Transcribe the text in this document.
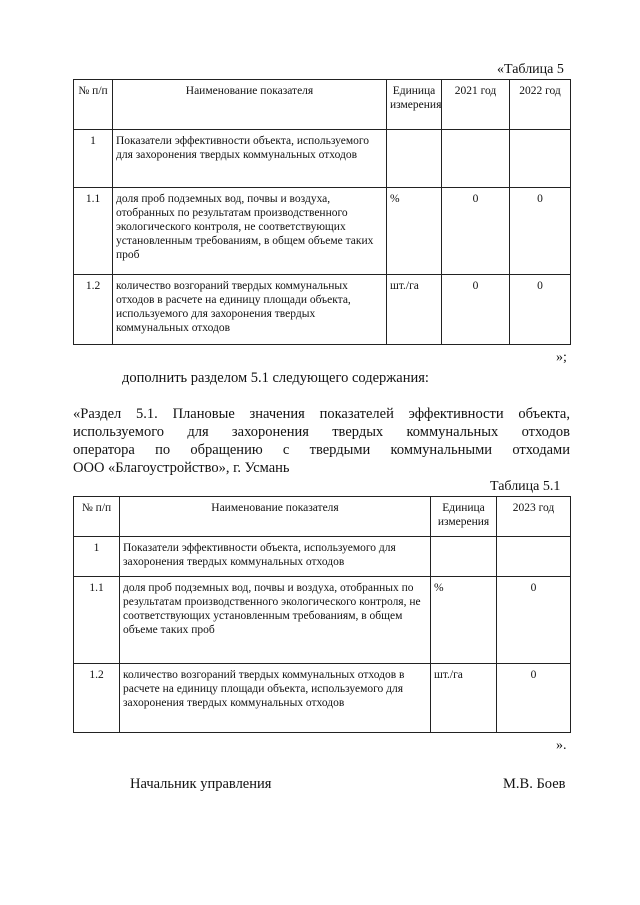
«Таблица 5
№ п/п	Наименование показателя	Единица измерения	2021 год	2022 год
1	Показатели эффективности объекта, используемого для захоронения твердых коммунальных отходов			
1.1	доля проб подземных вод, почвы и воздуха, отобранных по результатам производственного экологического контроля, не соответствующих установленным требованиям, в общем объеме таких проб	%	0	0
1.2	количество возгораний твердых коммунальных отходов в расчете на единицу площади объекта, используемого для захоронения твердых коммунальных отходов	шт./га	0	0
»;
дополнить разделом 5.1 следующего содержания:
«Раздел 5.1. Плановые значения показателей эффективности объекта,
используемого для захоронения твердых коммунальных отходов
оператора по обращению с твердыми коммунальными отходами
ООО «Благоустройство», г. Усмань
Таблица 5.1
№ п/п	Наименование показателя	Единица измерения	2023 год
1	Показатели эффективности объекта, используемого для захоронения твердых коммунальных отходов		
1.1	доля проб подземных вод, почвы и воздуха, отобранных по результатам производственного экологического контроля, не соответствующих установленным требованиям, в общем объеме таких проб	%	0
1.2	количество возгораний твердых коммунальных отходов в расчете на единицу площади объекта, используемого для захоронения твердых коммунальных отходов	шт./га	0
».
Начальник управления	М.В. Боев
